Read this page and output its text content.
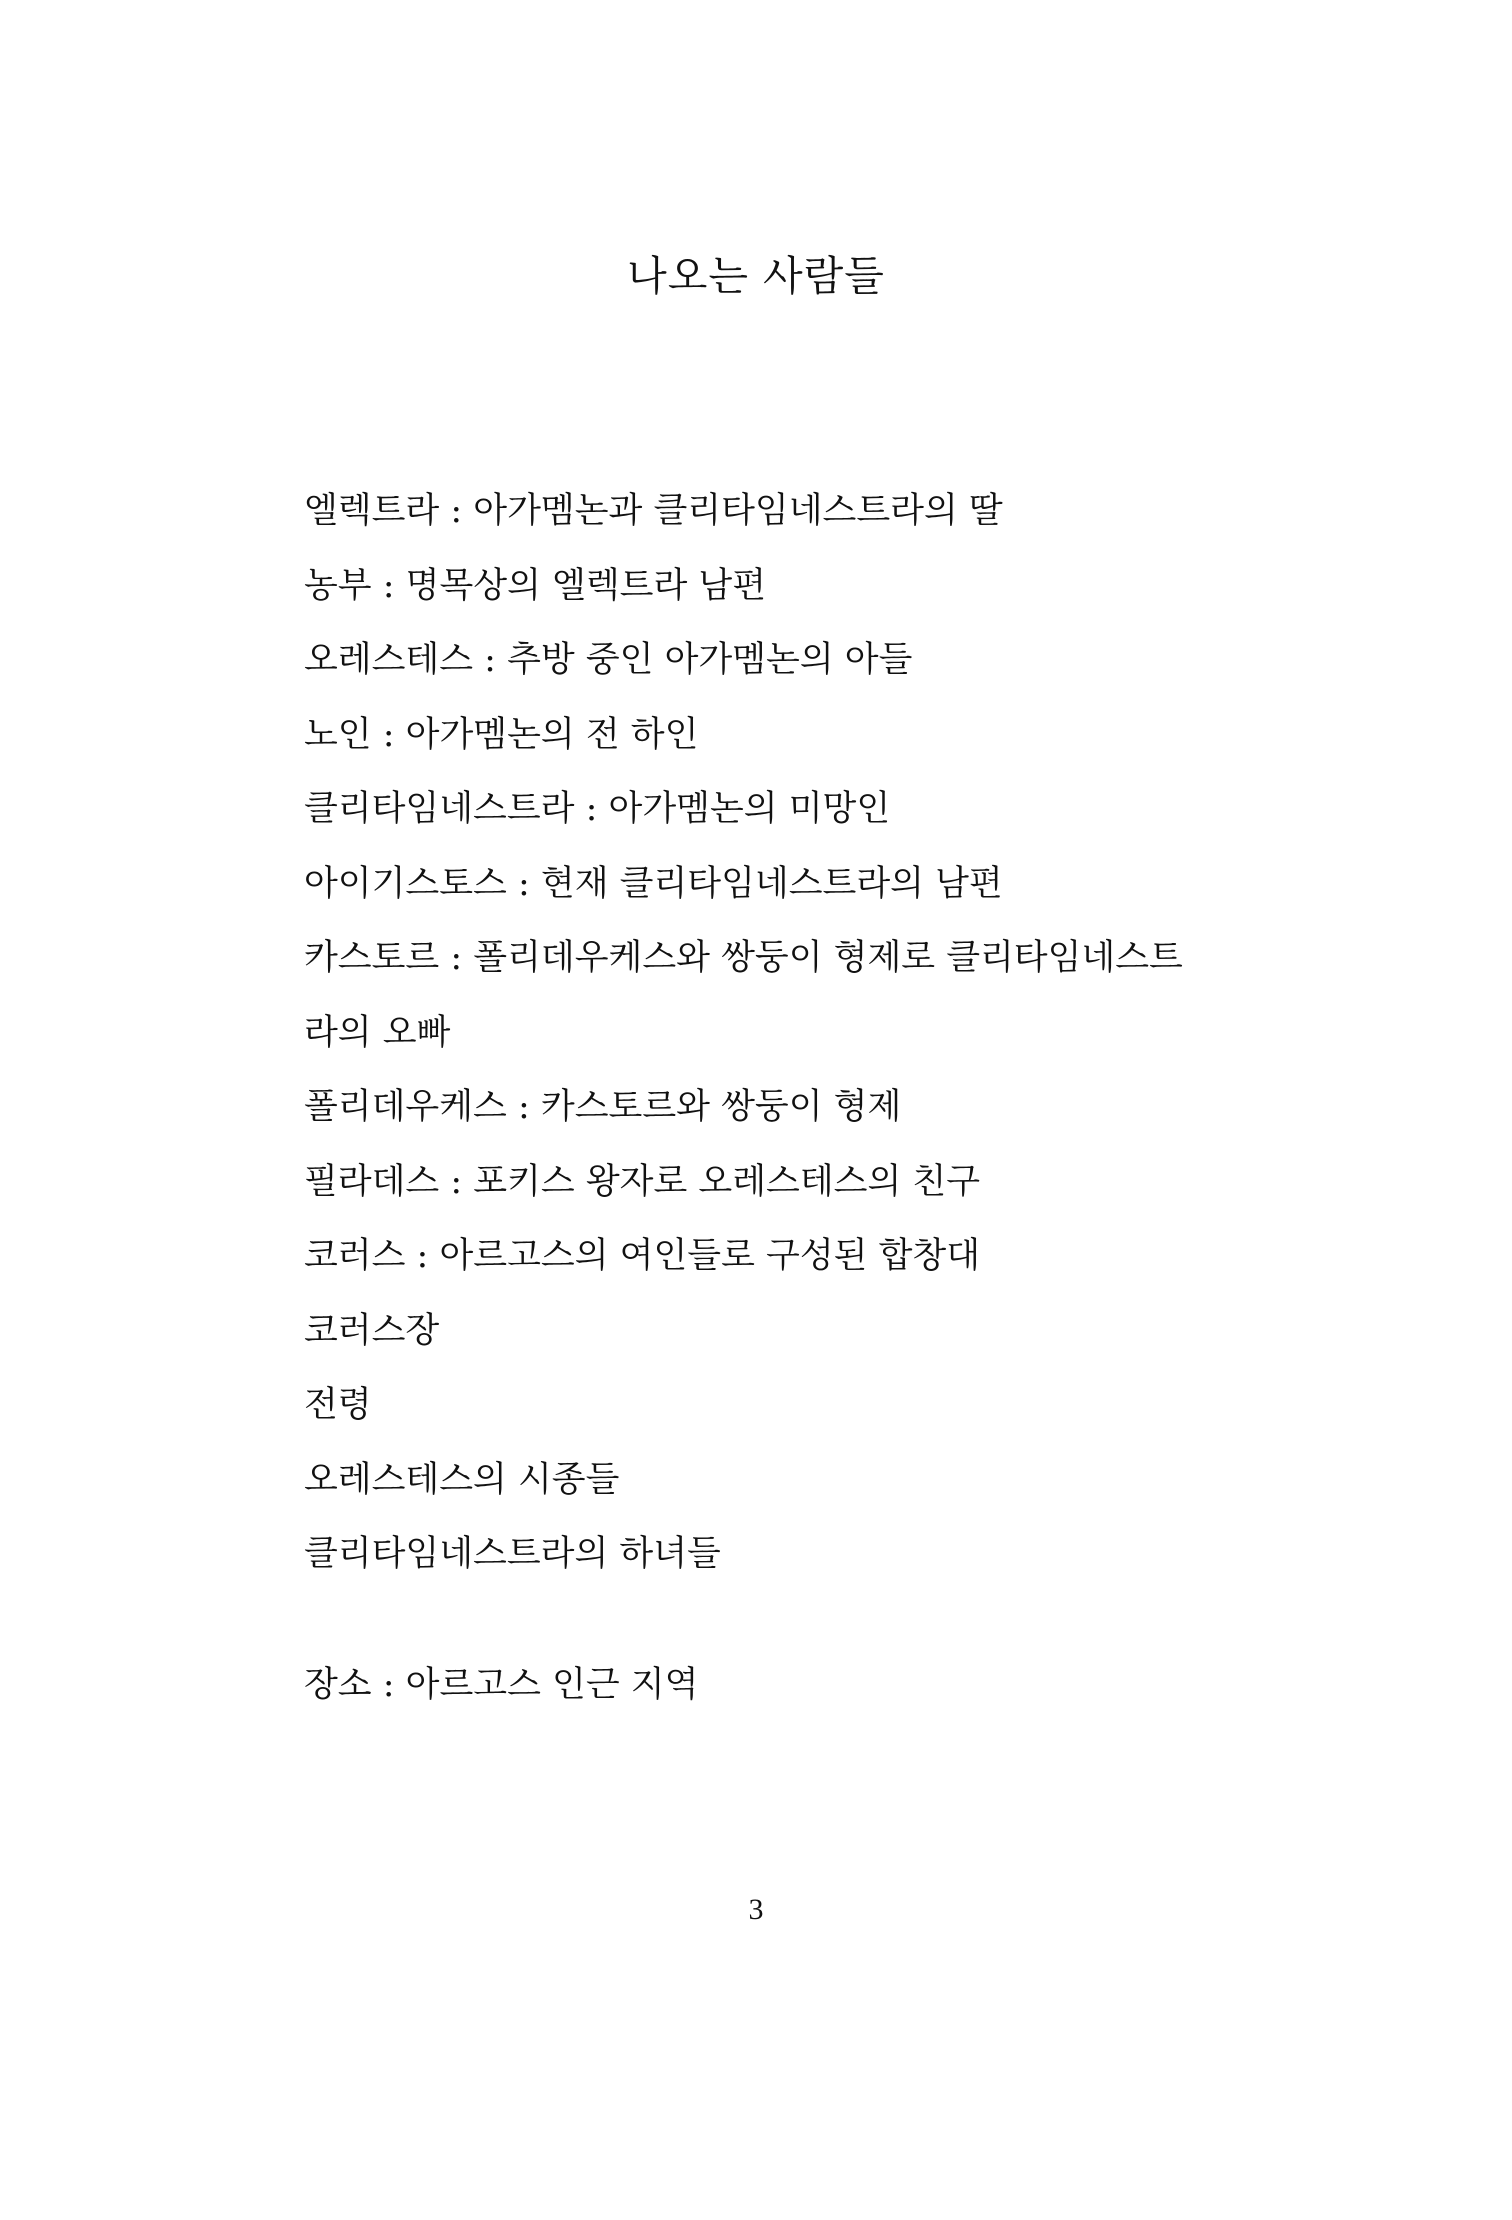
나오는 사람들
엘렉트라 : 아가멤논과 클리타임네스트라의 딸
농부 : 명목상의 엘렉트라 남편
오레스테스 : 추방 중인 아가멤논의 아들
노인 : 아가멤논의 전 하인
클리타임네스트라 : 아가멤논의 미망인
아이기스토스 : 현재 클리타임네스트라의 남편
카스토르 : 폴리데우케스와 쌍둥이 형제로 클리타임네스트
라의 오빠
폴리데우케스 : 카스토르와 쌍둥이 형제
필라데스 : 포키스 왕자로 오레스테스의 친구
코러스 : 아르고스의 여인들로 구성된 합창대
코러스장
전령
오레스테스의 시종들
클리타임네스트라의 하녀들
장소 : 아르고스 인근 지역
3
